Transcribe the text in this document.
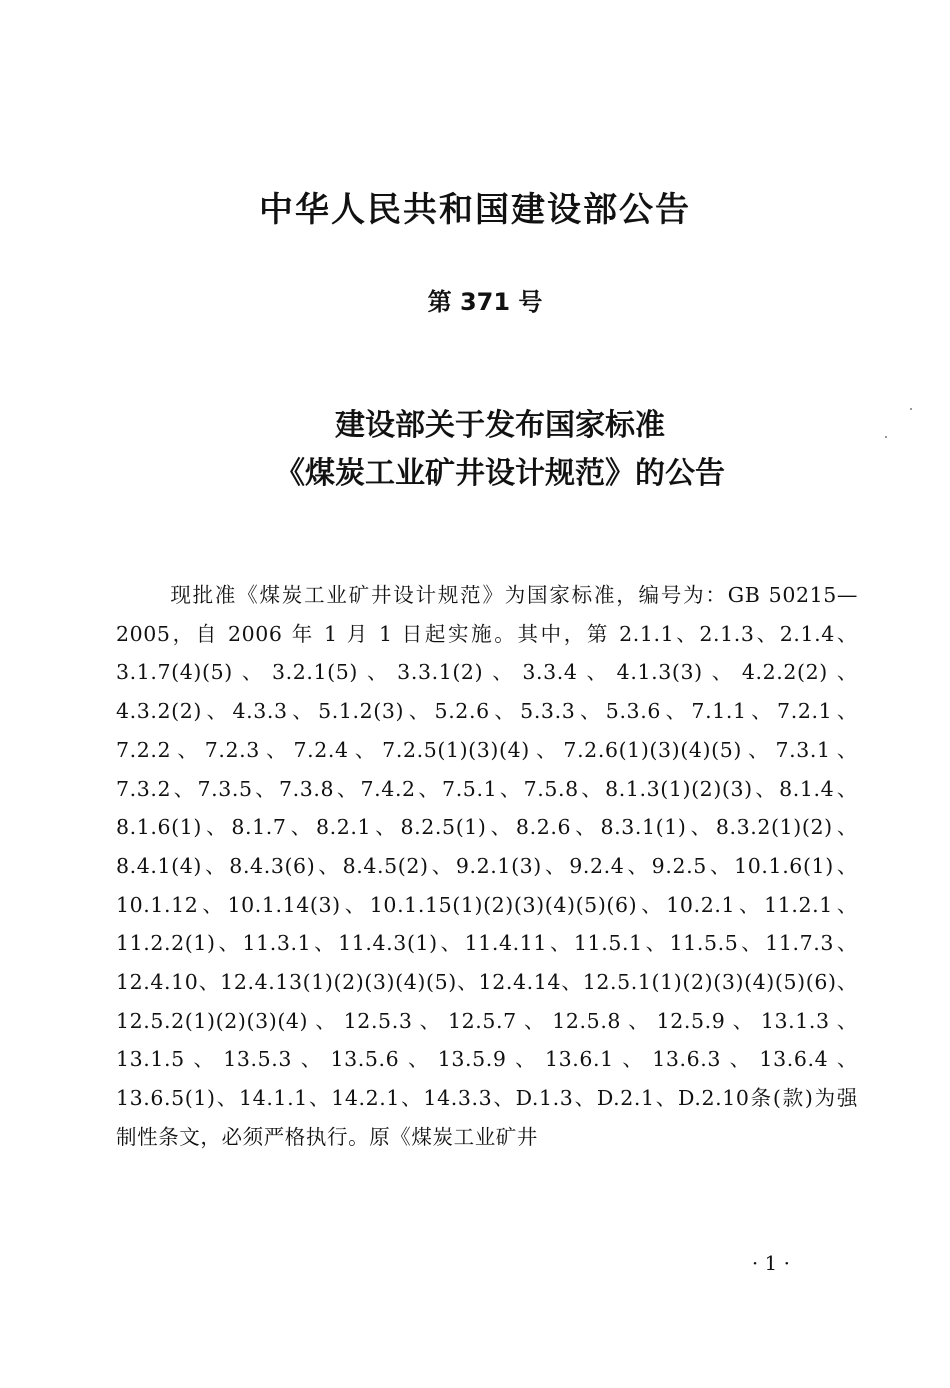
中华人民共和国建设部公告
第 371 号
建设部关于发布国家标准
《煤炭工业矿井设计规范》的公告

现批准《煤炭工业矿井设计规范》为国家标准，编号为：GB 50215—2005，自 2006 年 1 月 1 日起实施。其中，第 2.1.1、2.1.3、2.1.4、3.1.7(4)(5)、3.2.1(5)、3.3.1(2)、3.3.4、4.1.3(3)、4.2.2(2)、4.3.2(2)、4.3.3、5.1.2(3)、5.2.6、5.3.3、5.3.6、7.1.1、7.2.1、7.2.2、7.2.3、7.2.4、7.2.5(1)(3)(4)、7.2.6(1)(3)(4)(5)、7.3.1、7.3.2、7.3.5、7.3.8、7.4.2、7.5.1、7.5.8、8.1.3(1)(2)(3)、8.1.4、8.1.6(1)、8.1.7、8.2.1、8.2.5(1)、8.2.6、8.3.1(1)、8.3.2(1)(2)、8.4.1(4)、8.4.3(6)、8.4.5(2)、9.2.1(3)、9.2.4、9.2.5、10.1.6(1)、10.1.12、10.1.14(3)、10.1.15(1)(2)(3)(4)(5)(6)、10.2.1、11.2.1、11.2.2(1)、11.3.1、11.4.3(1)、11.4.11、11.5.1、11.5.5、11.7.3、12.4.10、12.4.13(1)(2)(3)(4)(5)、12.4.14、12.5.1(1)(2)(3)(4)(5)(6)、12.5.2(1)(2)(3)(4)、12.5.3、12.5.7、12.5.8、12.5.9、13.1.3、13.1.5、13.5.3、13.5.6、13.5.9、13.6.1、13.6.3、13.6.4、13.6.5(1)、14.1.1、14.2.1、14.3.3、D.1.3、D.2.1、D.2.10条(款)为强制性条文，必须严格执行。原《煤炭工业矿井

· 1 ·
